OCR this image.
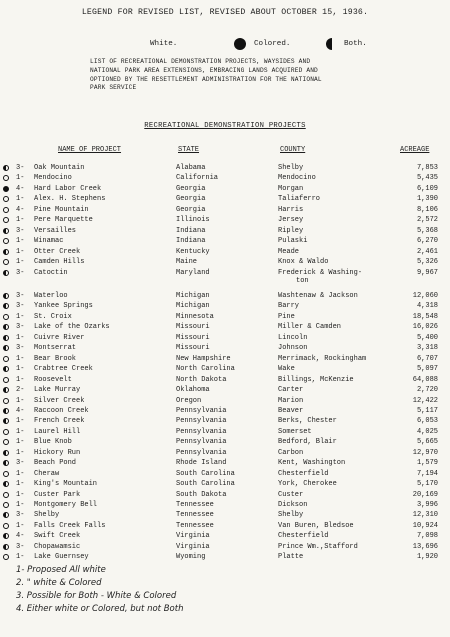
LEGEND FOR REVISED LIST, REVISED ABOUT OCTOBER 15, 1936.
White.	Colored.	Both.
LIST OF RECREATIONAL DEMONSTRATION PROJECTS, WAYSIDES AND
NATIONAL PARK AREA EXTENSIONS, EMBRACING LANDS ACQUIRED AND
OPTIONED BY THE RESETTLEMENT ADMINISTRATION FOR THE NATIONAL
PARK SERVICE
RECREATIONAL DEMONSTRATION PROJECTS
NAME OF PROJECT	STATE	COUNTY	ACREAGE
3-	Oak Mountain	Alabama	Shelby	7,853
1-	Mendocino	California	Mendocino	5,435
4-	Hard Labor Creek	Georgia	Morgan	6,109
1-	Alex. H. Stephens	Georgia	Taliaferro	1,390
4-	Pine Mountain	Georgia	Harris	8,106
1-	Pere Marquette	Illinois	Jersey	2,572
3-	Versailles	Indiana	Ripley	5,368
1-	Winamac	Indiana	Pulaski	6,270
1-	Otter Creek	Kentucky	Meade	2,461
1-	Camden Hills	Maine	Knox & Waldo	5,326
3-	Catoctin	Maryland	Frederick & Washing-	9,967
ton
3-	Waterloo	Michigan	Washtenaw & Jackson	12,060
3-	Yankee Springs	Michigan	Barry	4,318
1-	St. Croix	Minnesota	Pine	18,548
3-	Lake of the Ozarks	Missouri	Miller & Camden	16,026
1-	Cuivre River	Missouri	Lincoln	5,400
3-	Montserrat	Missouri	Johnson	3,318
1-	Bear Brook	New Hampshire	Merrimack, Rockingham	6,707
1-	Crabtree Creek	North Carolina	Wake	5,097
1-	Roosevelt	North Dakota	Billings, McKenzie	64,088
2-	Lake Murray	Oklahoma	Carter	2,720
1-	Silver Creek	Oregon	Marion	12,422
4-	Raccoon Creek	Pennsylvania	Beaver	5,117
1-	French Creek	Pennsylvania	Berks, Chester	6,053
1-	Laurel Hill	Pennsylvania	Somerset	4,025
1-	Blue Knob	Pennsylvania	Bedford, Blair	5,665
1-	Hickory Run	Pennsylvania	Carbon	12,970
3-	Beach Pond	Rhode Island	Kent, Washington	1,579
1-	Cheraw	South Carolina	Chesterfield	7,194
1-	King's Mountain	South Carolina	York, Cherokee	5,170
1-	Custer Park	South Dakota	Custer	20,169
1-	Montgomery Bell	Tennessee	Dickson	3,996
3-	Shelby	Tennessee	Shelby	12,310
1-	Falls Creek Falls	Tennessee	Van Buren, Bledsoe	10,924
4-	Swift Creek	Virginia	Chesterfield	7,098
3-	Chopawamsic	Virginia	Prince Wm.,Stafford	13,696
1-	Lake Guernsey	Wyoming	Platte	1,920
1- Proposed All white
2. " white & Colored
3. Possible for Both - White & Colored
4. Either white or Colored, but not Both
